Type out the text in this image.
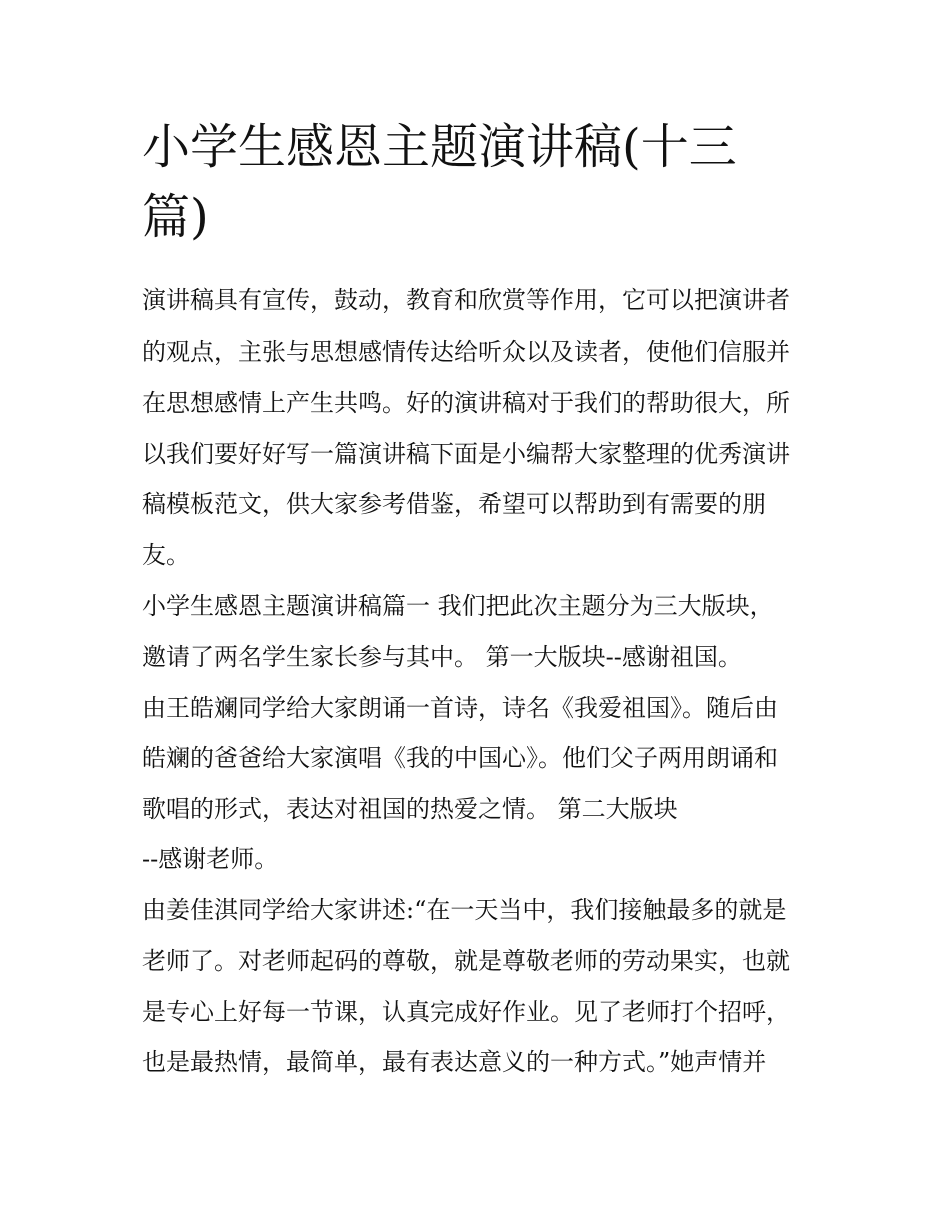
小学生感恩主题演讲稿(十三
篇)

演讲稿具有宣传，鼓动，教育和欣赏等作用，它可以把演讲者

的观点，主张与思想感情传达给听众以及读者，使他们信服并

在思想感情上产生共鸣。好的演讲稿对于我们的帮助很大，所

以我们要好好写一篇演讲稿下面是小编帮大家整理的优秀演讲

稿模板范文，供大家参考借鉴，希望可以帮助到有需要的朋

友。

小学生感恩主题演讲稿篇一 我们把此次主题分为三大版块，

邀请了两名学生家长参与其中。 第一大版块--感谢祖国。

由王皓斓同学给大家朗诵一首诗，诗名《我爱祖国》。随后由

皓斓的爸爸给大家演唱《我的中国心》。他们父子两用朗诵和

歌唱的形式，表达对祖国的热爱之情。 第二大版块

--感谢老师。

由姜佳淇同学给大家讲述:“在一天当中，我们接触最多的就是

老师了。对老师起码的尊敬，就是尊敬老师的劳动果实，也就

是专心上好每一节课，认真完成好作业。见了老师打个招呼，

也是最热情，最简单，最有表达意义的一种方式。”她声情并
